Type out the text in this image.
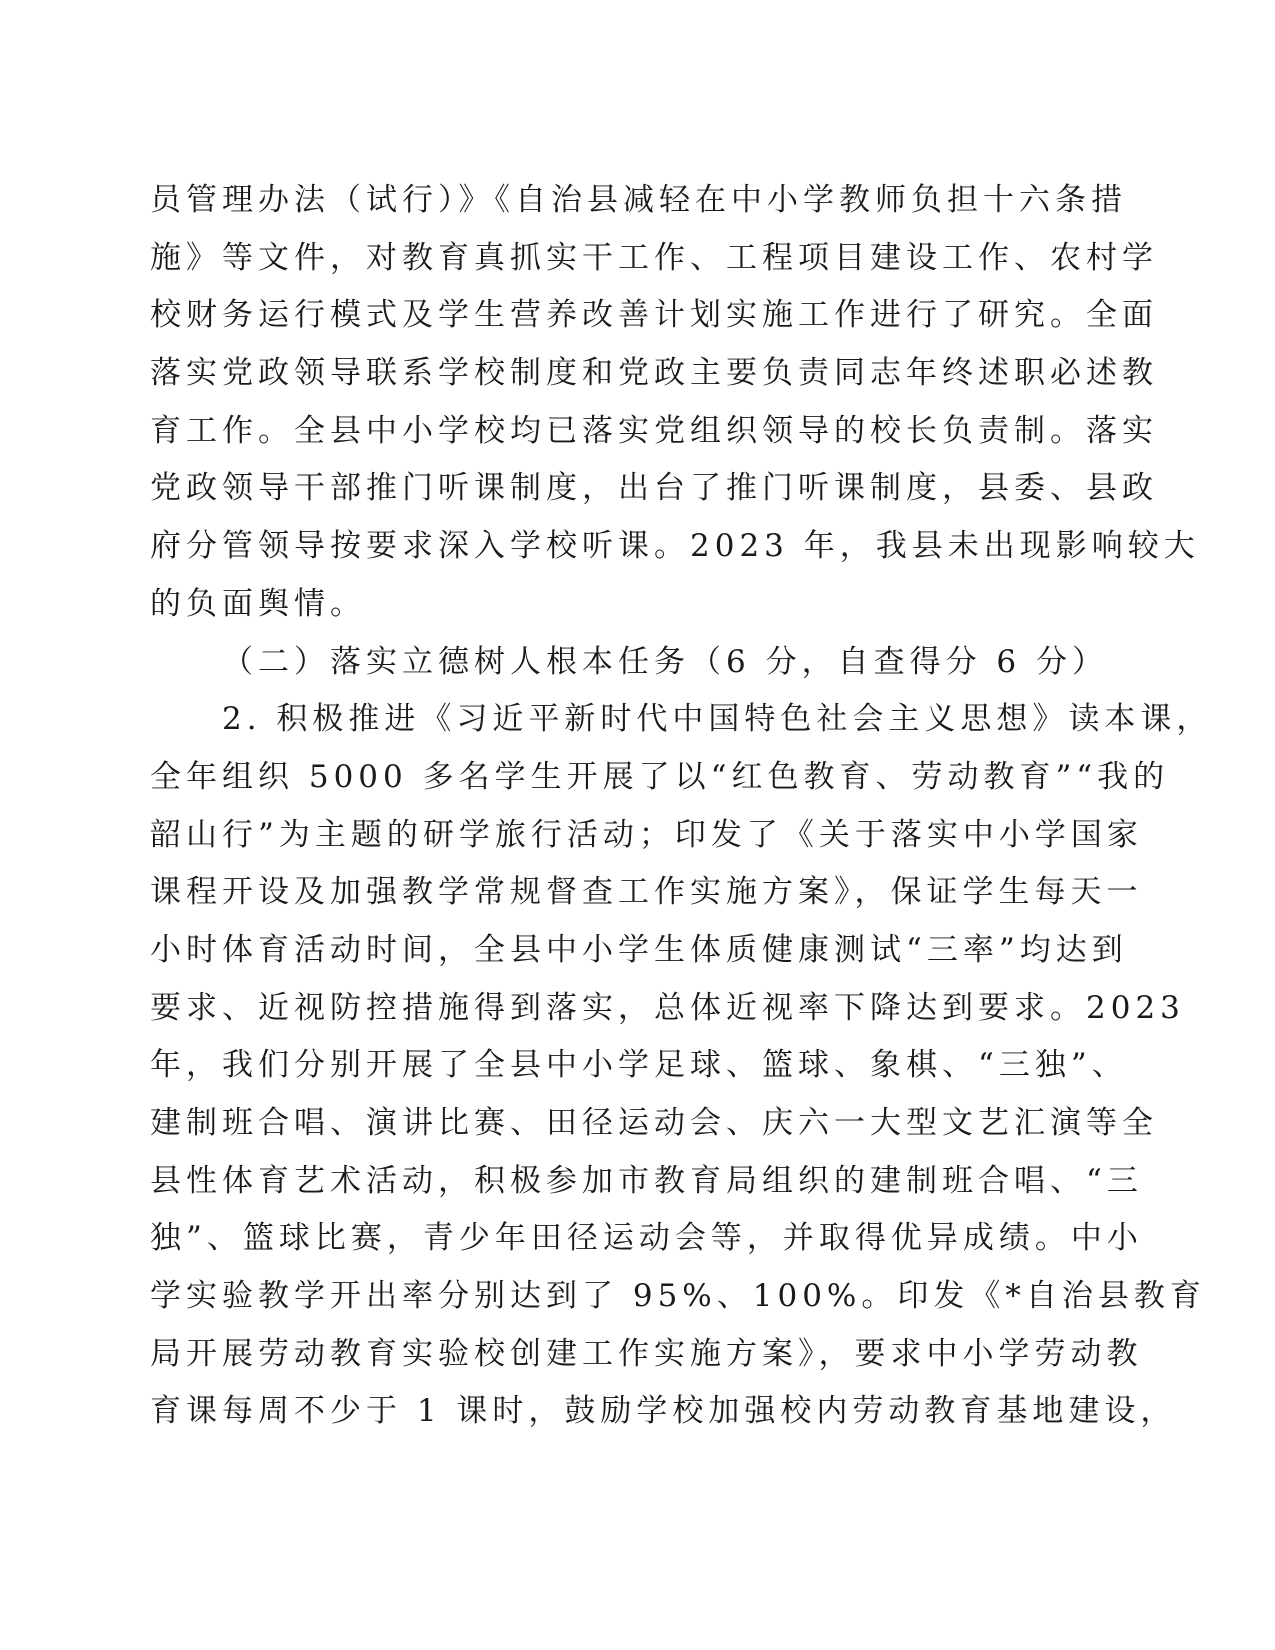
员管理办法（试行）》《自治县减轻在中小学教师负担十六条措
施》等文件，对教育真抓实干工作、工程项目建设工作、农村学
校财务运行模式及学生营养改善计划实施工作进行了研究。全面
落实党政领导联系学校制度和党政主要负责同志年终述职必述教
育工作。全县中小学校均已落实党组织领导的校长负责制。落实
党政领导干部推门听课制度，出台了推门听课制度，县委、县政
府分管领导按要求深入学校听课。2023 年，我县未出现影响较大
的负面舆情。
（二）落实立德树人根本任务（6 分，自查得分 6 分）
2. 积极推进《习近平新时代中国特色社会主义思想》读本课，
全年组织 5000 多名学生开展了以“红色教育、劳动教育”“我的
韶山行”为主题的研学旅行活动；印发了《关于落实中小学国家
课程开设及加强教学常规督查工作实施方案》，保证学生每天一
小时体育活动时间，全县中小学生体质健康测试“三率”均达到
要求、近视防控措施得到落实，总体近视率下降达到要求。2023
年，我们分别开展了全县中小学足球、篮球、象棋、“三独”、
建制班合唱、演讲比赛、田径运动会、庆六一大型文艺汇演等全
县性体育艺术活动，积极参加市教育局组织的建制班合唱、“三
独”、篮球比赛，青少年田径运动会等，并取得优异成绩。中小
学实验教学开出率分别达到了 95%、100%。印发《*自治县教育
局开展劳动教育实验校创建工作实施方案》，要求中小学劳动教
育课每周不少于 1 课时，鼓励学校加强校内劳动教育基地建设，
